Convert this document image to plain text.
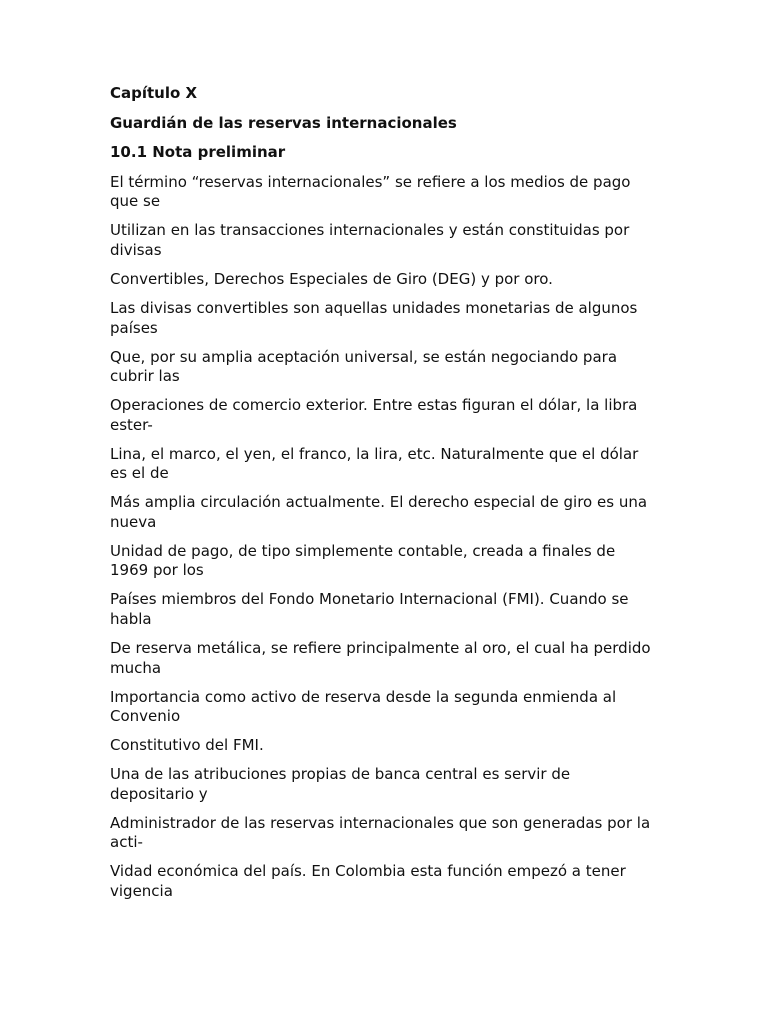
Capítulo X

Guardián de las reservas internacionales

10.1 Nota preliminar

El término “reservas internacionales” se refiere a los medios de pago que se

Utilizan en las transacciones internacionales y están constituidas por divisas

Convertibles, Derechos Especiales de Giro (DEG) y por oro.

Las divisas convertibles son aquellas unidades monetarias de algunos países

Que, por su amplia aceptación universal, se están negociando para cubrir las

Operaciones de comercio exterior. Entre estas figuran el dólar, la libra ester-

Lina, el marco, el yen, el franco, la lira, etc. Naturalmente que el dólar es el de

Más amplia circulación actualmente. El derecho especial de giro es una nueva

Unidad de pago, de tipo simplemente contable, creada a finales de 1969 por los

Países miembros del Fondo Monetario Internacional (FMI). Cuando se habla

De reserva metálica, se refiere principalmente al oro, el cual ha perdido mucha

Importancia como activo de reserva desde la segunda enmienda al Convenio

Constitutivo del FMI.

Una de las atribuciones propias de banca central es servir de depositario y

Administrador de las reservas internacionales que son generadas por la acti-

Vidad económica del país. En Colombia esta función empezó a tener vigencia
